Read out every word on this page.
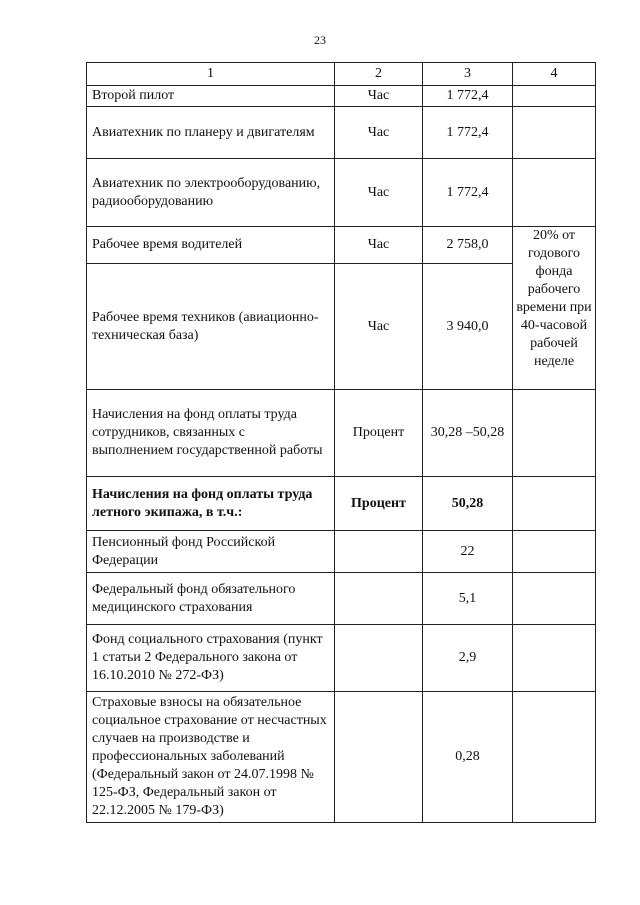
23
1	2	3	4
Второй пилот	Час	1 772,4	
Авиатехник по планеру и двигателям	Час	1 772,4	
Авиатехник по электрооборудованию, радиооборудованию	Час	1 772,4	
Рабочее время водителей	Час	2 758,0	20% от годового фонда рабочего времени при 40-часовой рабочей неделе
Рабочее время техников (авиационно-техническая база)	Час	3 940,0	
Начисления на фонд оплаты труда сотрудников, связанных с выполнением государственной работы	Процент	30,28 –50,28	
Начисления на фонд оплаты труда летного экипажа, в т.ч.:	Процент	50,28	
Пенсионный фонд Российской Федерации		22	
Федеральный фонд обязательного медицинского страхования		5,1	
Фонд социального страхования (пункт 1 статьи 2 Федерального закона от 16.10.2010 № 272-ФЗ)		2,9	
Страховые взносы на обязательное социальное страхование от несчастных случаев на производстве и профессиональных заболеваний (Федеральный закон от 24.07.1998 № 125-ФЗ, Федеральный закон от 22.12.2005 № 179-ФЗ)		0,28	
